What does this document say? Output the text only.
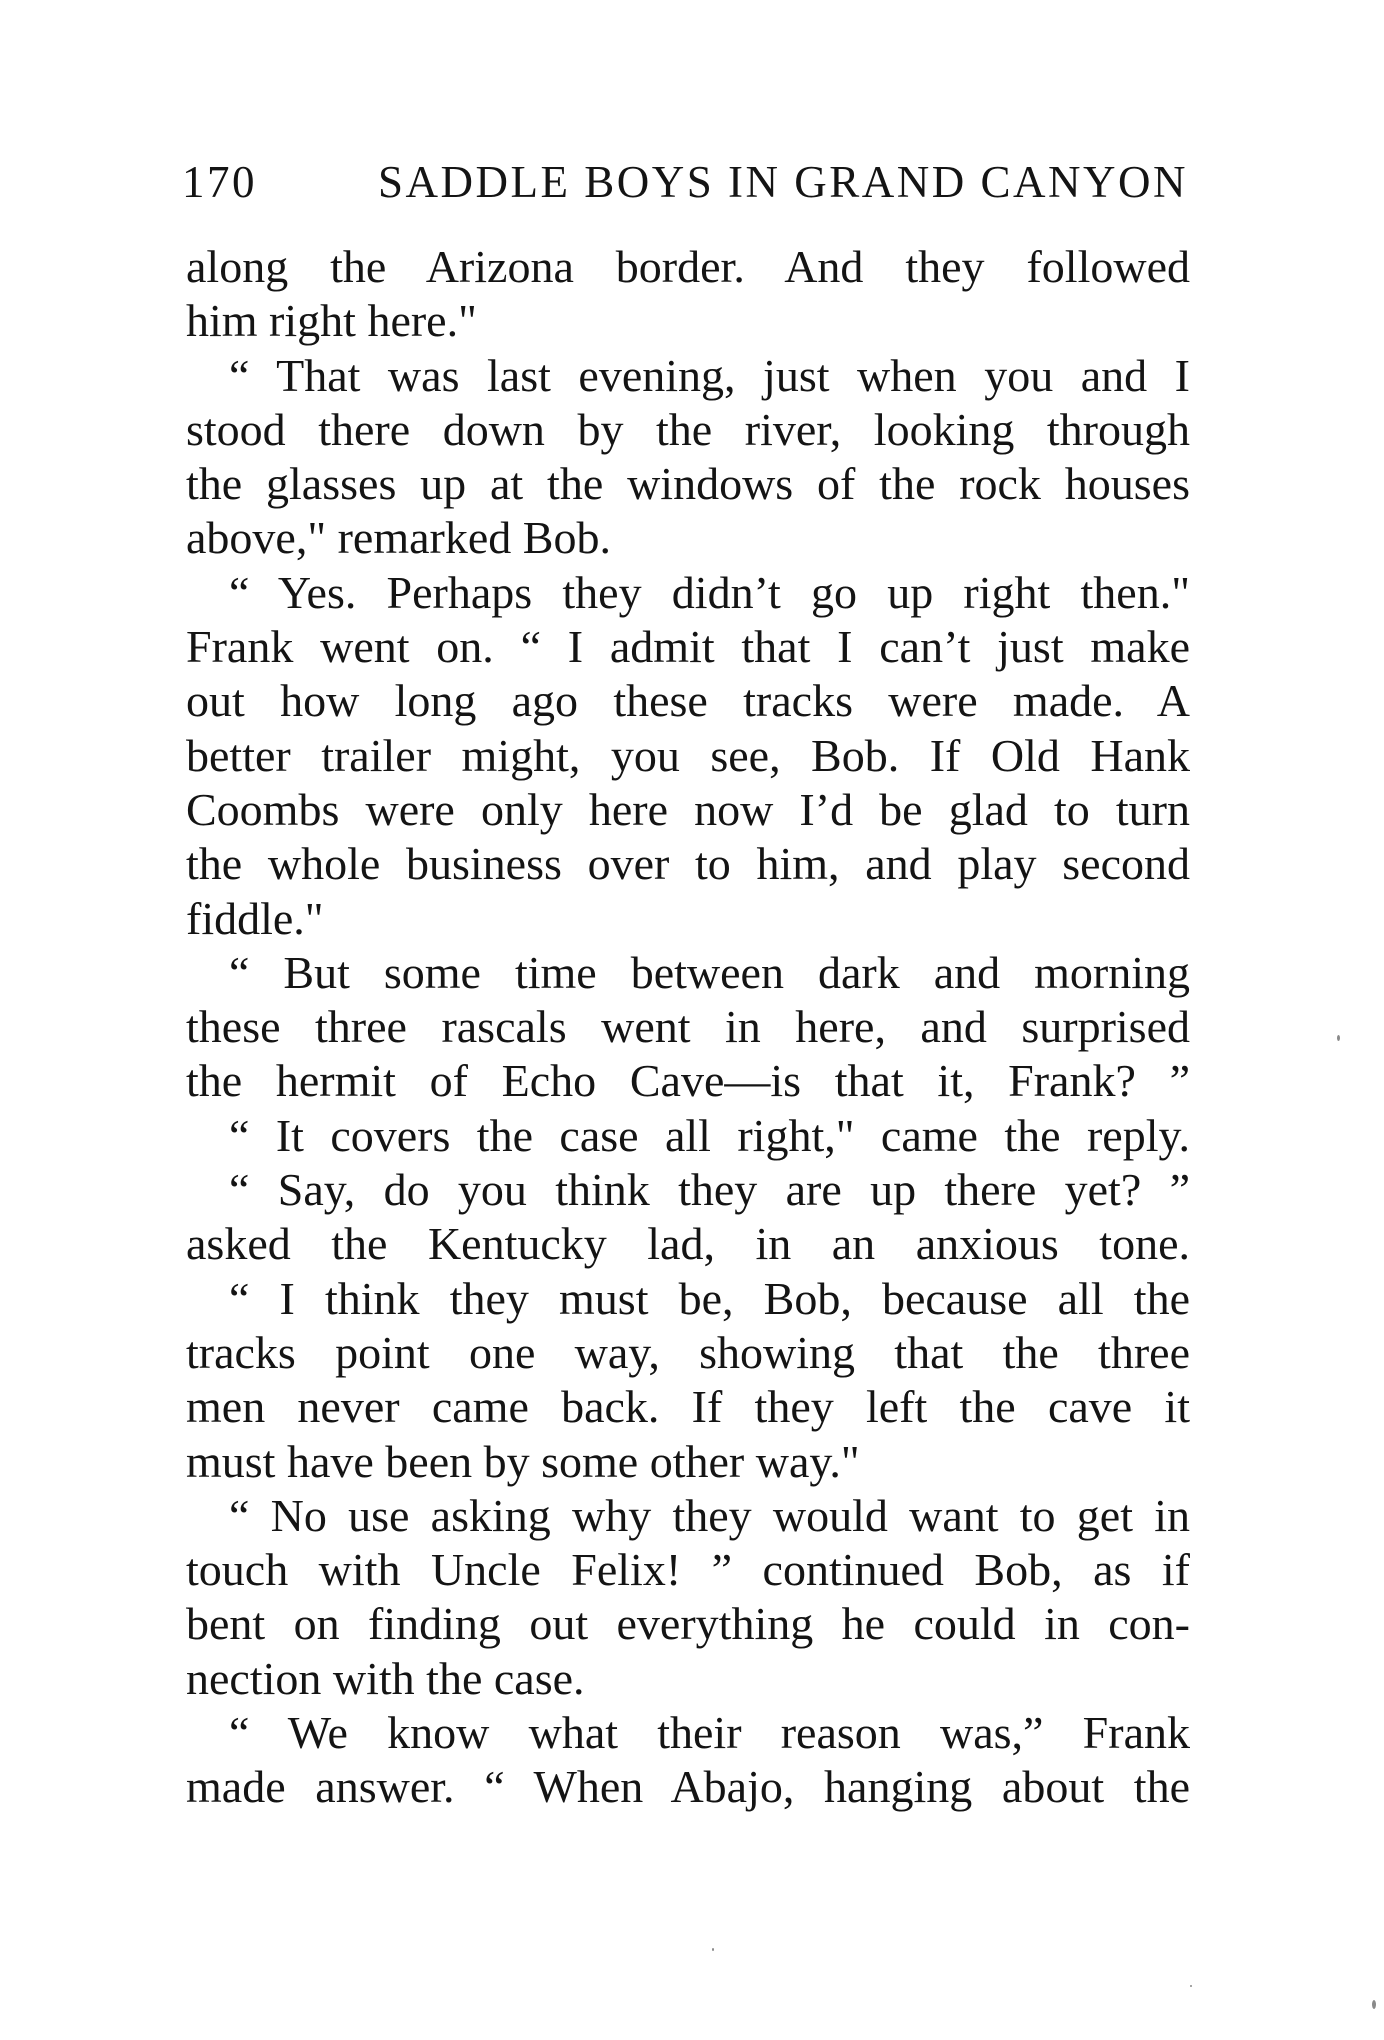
170	SADDLE BOYS IN GRAND CANYON
along the Arizona border. And they followed
him right here."
“ That was last evening, just when you and I
stood there down by the river, looking through
the glasses up at the windows of the rock houses
above," remarked Bob.
“ Yes. Perhaps they didn’t go up right then."
Frank went on. “ I admit that I can’t just make
out how long ago these tracks were made. A
better trailer might, you see, Bob. If Old Hank
Coombs were only here now I’d be glad to turn
the whole business over to him, and play second
fiddle."
“ But some time between dark and morning
these three rascals went in here, and surprised
the hermit of Echo Cave—is that it, Frank? ”
“ It covers the case all right," came the reply.
“ Say, do you think they are up there yet? ”
asked the Kentucky lad, in an anxious tone.
“ I think they must be, Bob, because all the
tracks point one way, showing that the three
men never came back. If they left the cave it
must have been by some other way."
“ No use asking why they would want to get in
touch with Uncle Felix! ” continued Bob, as if
bent on finding out everything he could in con-
nection with the case.
“ We know what their reason was,” Frank
made answer. “ When Abajo, hanging about the
